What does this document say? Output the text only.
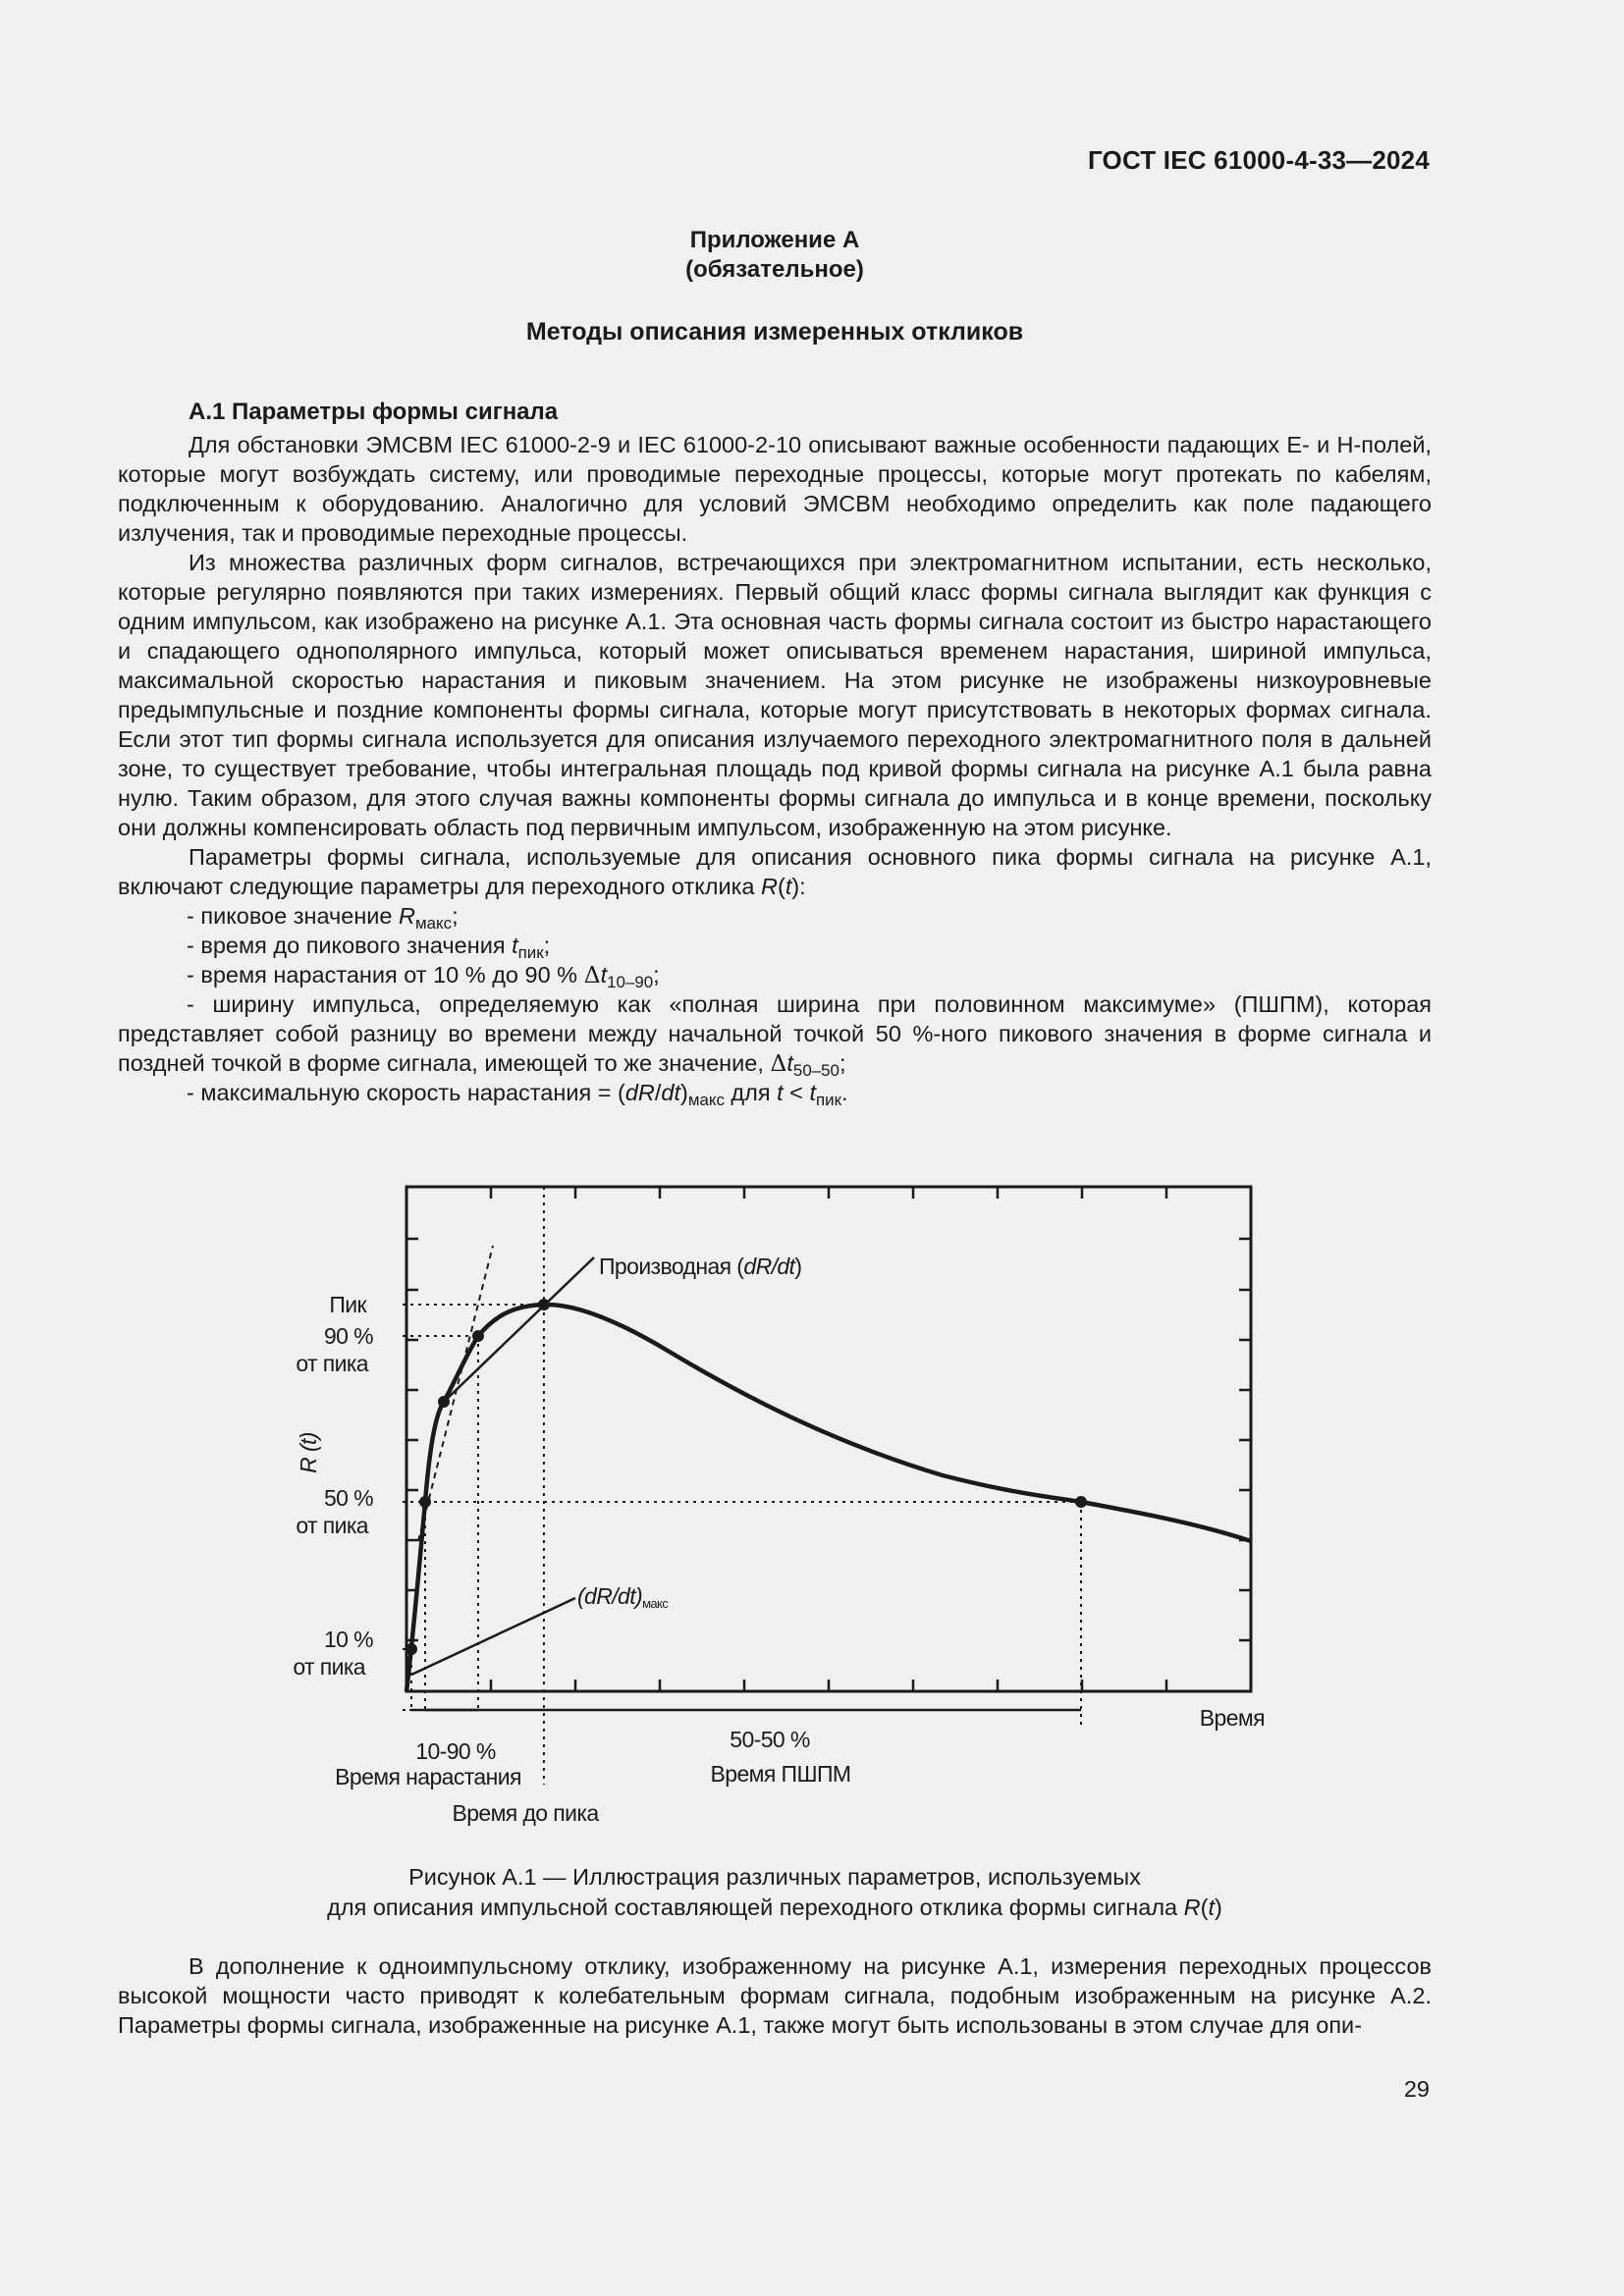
ГОСТ IEC 61000-4-33—2024
Приложение А
(обязательное)
Методы описания измеренных откликов

А.1 Параметры формы сигнала

Для обстановки ЭМСВМ IEC 61000-2-9 и IEC 61000-2-10 описывают важные особенности падающих Е- и Н-полей, которые могут возбуждать систему, или проводимые переходные процессы, которые могут протекать по кабелям, подключенным к оборудованию. Аналогично для условий ЭМСВМ необходимо определить как поле падающего излучения, так и проводимые переходные процессы.

Из множества различных форм сигналов, встречающихся при электромагнитном испытании, есть несколько, которые регулярно появляются при таких измерениях. Первый общий класс формы сигнала выглядит как функция с одним импульсом, как изображено на рисунке А.1. Эта основная часть формы сигнала состоит из быстро нарастающего и спадающего однополярного импульса, который может описываться временем нарастания, шириной импульса, максимальной скоростью нарастания и пиковым значением. На этом рисунке не изображены низкоуровневые предымпульсные и поздние компоненты формы сигнала, которые могут присутствовать в некоторых формах сигнала. Если этот тип формы сигнала используется для описания излучаемого переходного электромагнитного поля в дальней зоне, то существует требование, чтобы интегральная площадь под кривой формы сигнала на рисунке А.1 была равна нулю. Таким образом, для этого случая важны компоненты формы сигнала до импульса и в конце времени, поскольку они должны компенсировать область под первичным импульсом, изображенную на этом рисунке.

Параметры формы сигнала, используемые для описания основного пика формы сигнала на рисунке А.1, включают следующие параметры для переходного отклика R(t):

- пиковое значение $R_{макс}$;

- время до пикового значения $t_{пик}$;

- время нарастания от 10 % до 90 % $\Delta t_{10-90}$;

- ширину импульса, определяемую как «полная ширина при половинном максимуме» (ПШПМ), которая представляет собой разницу во времени между начальной точкой 50 %-ного пикового значения в форме сигнала и поздней точкой в форме сигнала, имеющей то же значение, $\Delta t_{50-50}$;

- максимальную скорость нарастания = $(dR/dt)_{макс}$ для $t < t_{пик}$.

Пик
90 %
от пика
50 %
от пика
10 %
от пика
R (t)
Время
Производная (dR/dt)
(dR/dt)макс
10-90 %
Время нарастания
50-50 %
Время ПШПМ
Время до пика
Рисунок А.1 — Иллюстрация различных параметров, используемых
для описания импульсной составляющей переходного отклика формы сигнала R(t)

В дополнение к одноимпульсному отклику, изображенному на рисунке А.1, измерения переходных процессов высокой мощности часто приводят к колебательным формам сигнала, подобным изображенным на рисунке А.2. Параметры формы сигнала, изображенные на рисунке А.1, также могут быть использованы в этом случае для опи-

29
